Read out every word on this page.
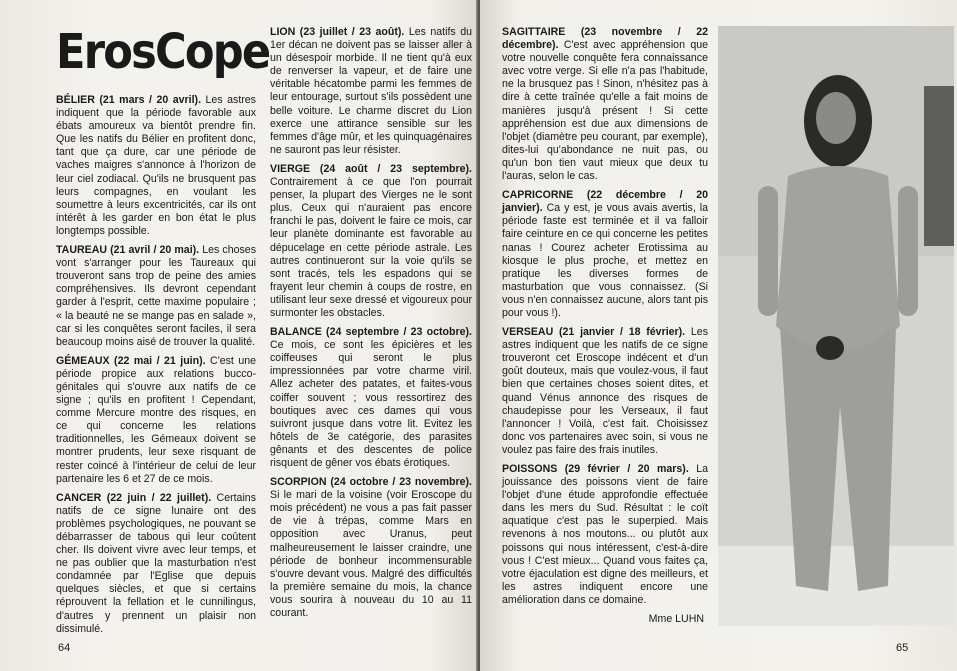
ErosCope

BÉLIER (21 mars / 20 avril). Les astres indiquent que la période favorable aux ébats amoureux va bientôt prendre fin. Que les natifs du Bélier en profitent donc, tant que ça dure, car une période de vaches maigres s'annonce à l'horizon de leur ciel zodiacal. Qu'ils ne brusquent pas leurs compagnes, en voulant les soumettre à leurs excentricités, car ils ont intérêt à les garder en bon état le plus longtemps possible.

TAUREAU (21 avril / 20 mai). Les choses vont s'arranger pour les Taureaux qui trouveront sans trop de peine des amies compréhensives. Ils devront cependant garder à l'esprit, cette maxime populaire ; « la beauté ne se mange pas en salade », car si les conquêtes seront faciles, il sera beaucoup moins aisé de trouver la qualité.

GÉMEAUX (22 mai / 21 juin). C'est une période propice aux relations bucco-génitales qui s'ouvre aux natifs de ce signe ; qu'ils en profitent ! Cependant, comme Mercure montre des risques, en ce qui concerne les relations traditionnelles, les Gémeaux doivent se montrer prudents, leur sexe risquant de rester coincé à l'intérieur de celui de leur partenaire les 6 et 27 de ce mois.

CANCER (22 juin / 22 juillet). Certains natifs de ce signe lunaire ont des problèmes psychologiques, ne pouvant se débarrasser de tabous qui leur coûtent cher. Ils doivent vivre avec leur temps, et ne pas oublier que la masturbation n'est condamnée par l'Eglise que depuis quelques siècles, et que si certains réprouvent la fellation et le cunnilingus, d'autres y prennent un plaisir non dissimulé.

LION (23 juillet / 23 août). Les natifs du 1er décan ne doivent pas se laisser aller à un désespoir morbide. Il ne tient qu'à eux de renverser la vapeur, et de faire une véritable hécatombe parmi les femmes de leur entourage, surtout s'ils possèdent une belle voiture. Le charme discret du Lion exerce une attirance sensible sur les femmes d'âge mûr, et les quinquagénaires ne sauront pas leur résister.

VIERGE (24 août / 23 septembre). Contrairement à ce que l'on pourrait penser, la plupart des Vierges ne le sont plus. Ceux qui n'auraient pas encore franchi le pas, doivent le faire ce mois, car leur planète dominante est favorable au dépucelage en cette période astrale. Les autres continueront sur la voie qu'ils se sont tracés, tels les espadons qui se frayent leur chemin à coups de rostre, en utilisant leur sexe dressé et vigoureux pour surmonter les obstacles.

BALANCE (24 septembre / 23 octobre). Ce mois, ce sont les épicières et les coiffeuses qui seront le plus impressionnées par votre charme viril. Allez acheter des patates, et faites-vous coiffer souvent ; vous ressortirez des boutiques avec ces dames qui vous suivront jusque dans votre lit. Evitez les hôtels de 3e catégorie, des parasites gênants et des descentes de police risquent de gêner vos ébats érotiques.

SCORPION (24 octobre / 23 novembre). Si le mari de la voisine (voir Eroscope du mois précédent) ne vous a pas fait passer de vie à trépas, comme Mars en opposition avec Uranus, peut malheureusement le laisser craindre, une période de bonheur incommensurable s'ouvre devant vous. Malgré des difficultés la première semaine du mois, la chance vous sourira à nouveau du 10 au 11 courant.

64

SAGITTAIRE (23 novembre / 22 décembre). C'est avec appréhension que votre nouvelle conquête fera connaissance avec votre verge. Si elle n'a pas l'habitude, ne la brusquez pas ! Sinon, n'hésitez pas à dire à cette traînée qu'elle a fait moins de manières jusqu'à présent ! Si cette appréhension est due aux dimensions de l'objet (diamètre peu courant, par exemple), dites-lui qu'abondance ne nuit pas, ou qu'un bon tien vaut mieux que deux tu l'auras, selon le cas.

CAPRICORNE (22 décembre / 20 janvier). Ca y est, je vous avais avertis, la période faste est terminée et il va falloir faire ceinture en ce qui concerne les petites nanas ! Courez acheter Erotissima au kiosque le plus proche, et mettez en pratique les diverses formes de masturbation que vous connaissez. (Si vous n'en connaissez aucune, alors tant pis pour vous !).

VERSEAU (21 janvier / 18 février). Les astres indiquent que les natifs de ce signe trouveront cet Eroscope indécent et d'un goût douteux, mais que voulez-vous, il faut bien que certaines choses soient dites, et quand Vénus annonce des risques de chaudepisse pour les Verseaux, il faut l'annoncer ! Voilà, c'est fait. Choisissez donc vos partenaires avec soin, si vous ne voulez pas faire des frais inutiles.

POISSONS (29 février / 20 mars). La jouissance des poissons vient de faire l'objet d'une étude approfondie effectuée dans les mers du Sud. Résultat : le coït aquatique c'est pas le superpied. Mais revenons à nos moutons... ou plutôt aux poissons qui nous intéressent, c'est-à-dire vous ! C'est mieux... Quand vous faites ça, votre éjaculation est digne des meilleurs, et les astres indiquent encore une amélioration dans ce domaine.

Mme LUHN
65
